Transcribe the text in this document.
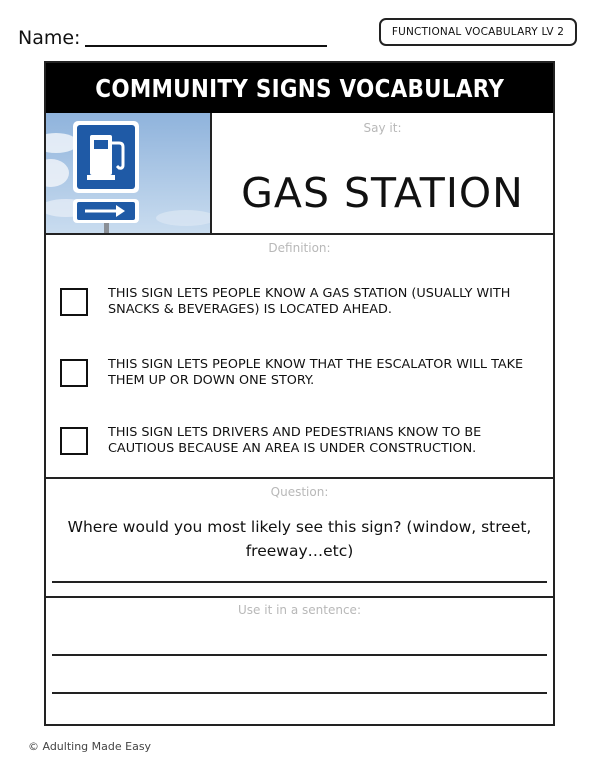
Name:	FUNCTIONAL VOCABULARY LV 2
COMMUNITY SIGNS VOCABULARY
Say it:
GAS STATION
Definition:
THIS SIGN LETS PEOPLE KNOW A GAS STATION (USUALLY WITH SNACKS & BEVERAGES) IS LOCATED AHEAD.
THIS SIGN LETS PEOPLE KNOW THAT THE ESCALATOR WILL TAKE THEM UP OR DOWN ONE STORY.
THIS SIGN LETS DRIVERS AND PEDESTRIANS KNOW TO BE CAUTIOUS BECAUSE AN AREA IS UNDER CONSTRUCTION.
Question:
Where would you most likely see this sign? (window, street, freeway…etc)
Use it in a sentence:
© Adulting Made Easy
